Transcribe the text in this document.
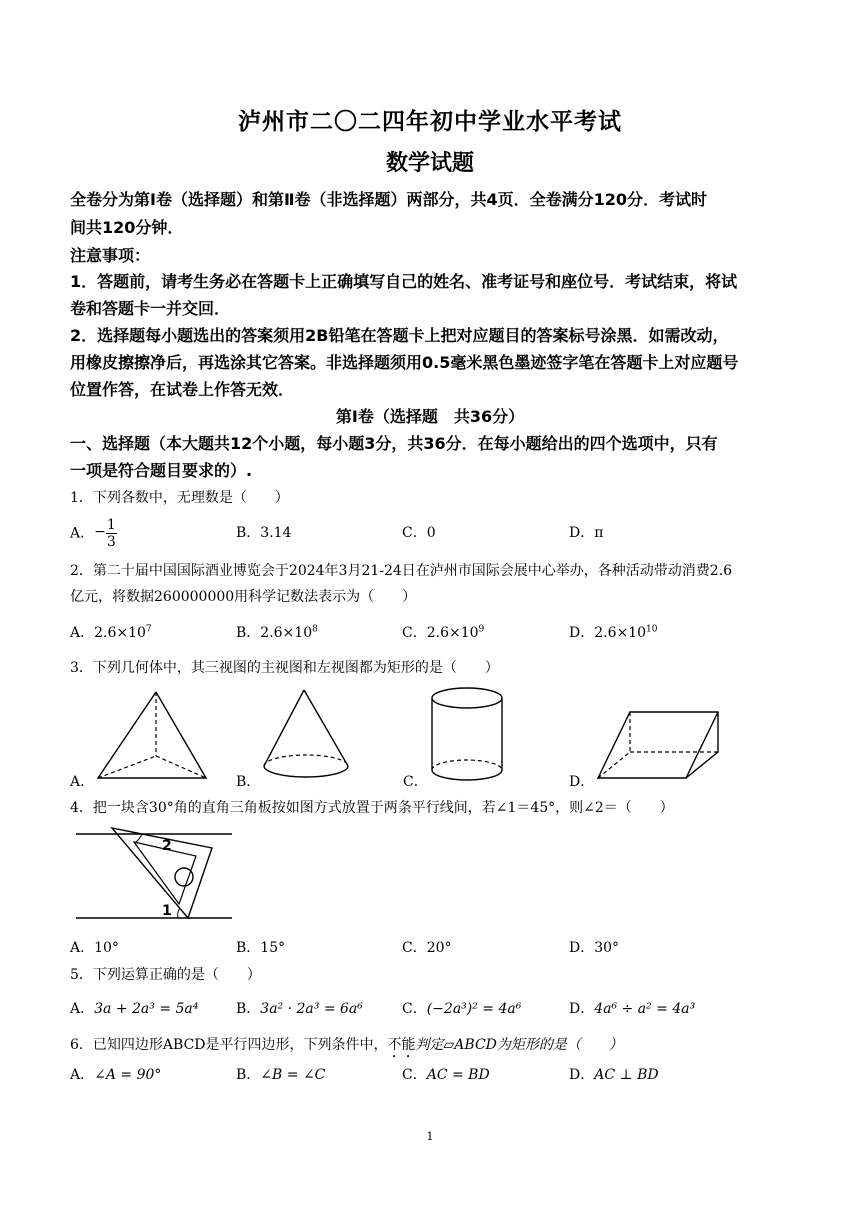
泸州市二〇二四年初中学业水平考试
数学试题
全卷分为第Ⅰ卷（选择题）和第Ⅱ卷（非选择题）两部分，共4页．全卷满分120分．考试时
间共120分钟．
注意事项：
1．答题前，请考生务必在答题卡上正确填写自己的姓名、准考证号和座位号．考试结束，将试
卷和答题卡一并交回．
2．选择题每小题选出的答案须用2B铅笔在答题卡上把对应题目的答案标号涂黑．如需改动，
用橡皮擦擦净后，再选涂其它答案。非选择题须用0.5毫米黑色墨迹签字笔在答题卡上对应题号
位置作答，在试卷上作答无效．
第Ⅰ卷（选择题　共36分）
一、选择题（本大题共12个小题，每小题3分，共36分．在每小题给出的四个选项中，只有
一项是符合题目要求的）.
1．下列各数中，无理数是（　　）
A．− $\frac{1}{3}$	B．3.14	C．0	D．π
2．第二十届中国国际酒业博览会于2024年3月21-24日在泸州市国际会展中心举办，各种活动带动消费2.6
亿元，将数据260000000用科学记数法表示为（　　）
A．$2.6\times 10^7$	B．$2.6\times 10^8$	C．$2.6\times 10^9$	D．$2.6\times 10^{10}$
3．下列几何体中，其三视图的主视图和左视图都为矩形的是（　　）
A．	B．	C．	D．
4．把一块含30°角的直角三角板按如图方式放置于两条平行线间，若∠1＝45°，则∠2＝（　　）
2
1
A．10°	B．15°	C．20°	D．30°
5．下列运算正确的是（　　）
A．3a + 2a³ = 5a⁴	B．3a² · 2a³ = 6a⁶	C．(−2a³)² = 4a⁶	D．4a⁶ ÷ a² = 4a³
6．已知四边形ABCD是平行四边形，下列条件中，不能判定▱ABCD为矩形的是（　　）
A．∠A = 90°	B．∠B = ∠C	C．AC = BD	D．AC ⊥ BD
1
